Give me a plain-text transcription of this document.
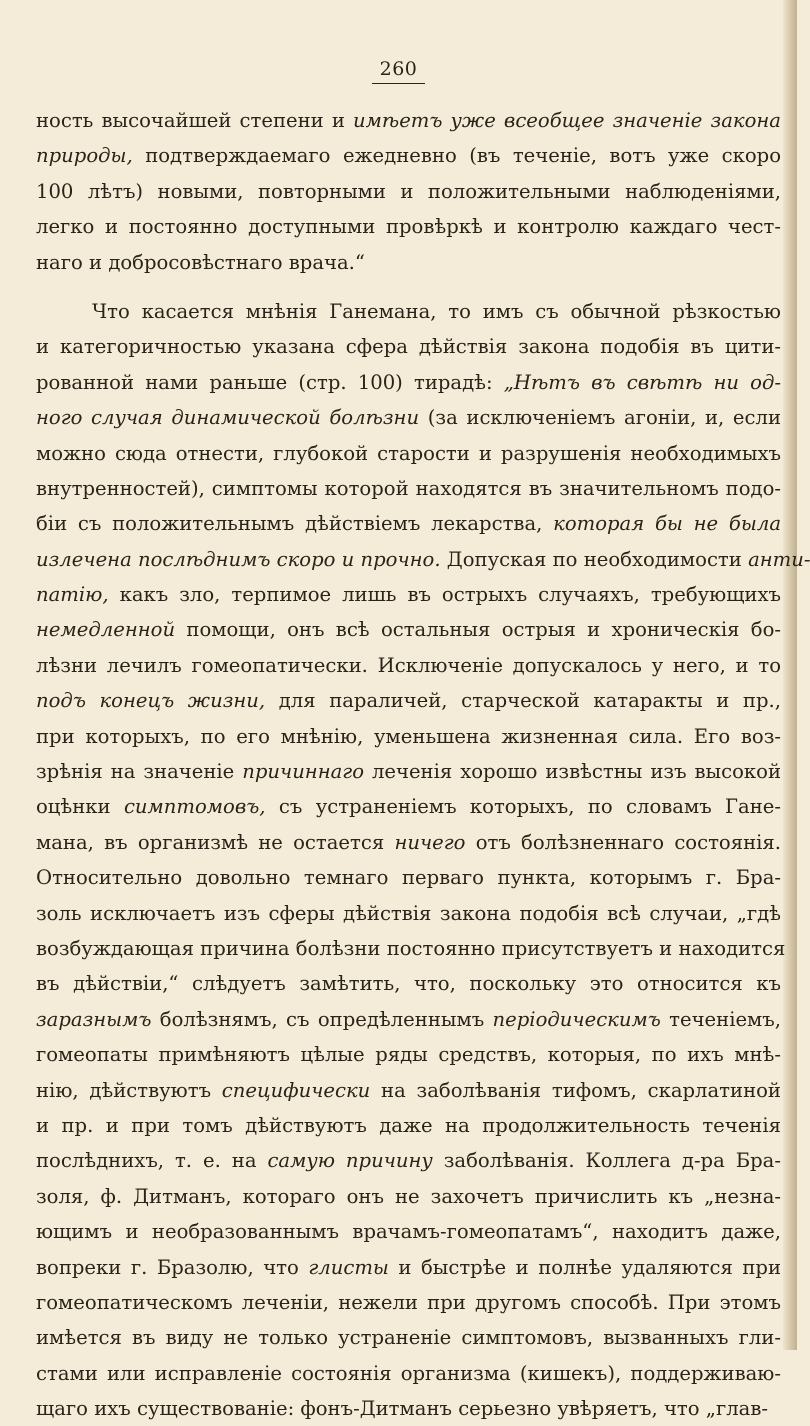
260
ность высочайшей степени и имѣетъ уже всеобщее значенie закона
природы, подтверждаемаго ежедневно (въ теченie, вотъ уже скоро
100 лѣтъ) новыми, повторными и положительными наблюденiями,
легко и постоянно доступными провѣркѣ и контролю каждаго чест-
наго и добросовѣстнаго врача.“
Что касается мнѣнiя Ганемана, то имъ съ обычной рѣзкостью
и категоричностью указана сфера дѣйствiя закона подобiя въ цити-
рованной нами раньше (стр. 100) тирадѣ: „Нѣтъ въ свѣтѣ ни од-
ного случая динамической болѣзни (за исключенiемъ агонiи, и, если
можно сюда отнести, глубокой старости и разрушенiя необходимыхъ
внутренностей), симптомы которой находятся въ значительномъ подо-
бiи съ положительнымъ дѣйствiемъ лекарства, которая бы не была
излечена послѣднимъ скоро и прочно. Допуская по необходимости анти-
патiю, какъ зло, терпимое лишь въ острыхъ случаяхъ, требующихъ
немедленной помощи, онъ всѣ остальныя острыя и хроническiя бо-
лѣзни лечилъ гомеопатически. Исключенie допускалось у него, и то
подъ конецъ жизни, для параличей, старческой катаракты и пр.,
при которыхъ, по его мнѣнiю, уменьшена жизненная сила. Его воз-
зрѣнiя на значенie причиннаго леченiя хорошо извѣстны изъ высокой
оцѣнки симптомовъ, съ устраненiемъ которыхъ, по словамъ Гане-
мана, въ организмѣ не остается ничего отъ болѣзненнаго состоянiя.
Относительно довольно темнаго перваго пункта, которымъ г. Бра-
золь исключаетъ изъ сферы дѣйствiя закона подобiя всѣ случаи, „гдѣ
возбуждающая причина болѣзни постоянно присутствуетъ и находится
въ дѣйствiи,“ слѣдуетъ замѣтить, что, поскольку это относится къ
заразнымъ болѣзнямъ, съ опредѣленнымъ перiодическимъ теченiемъ,
гомеопаты примѣняютъ цѣлые ряды средствъ, которыя, по ихъ мнѣ-
нiю, дѣйствуютъ специфически на заболѣванiя тифомъ, скарлатиной
и пр. и при томъ дѣйствуютъ даже на продолжительность теченiя
послѣднихъ, т. е. на самую причину заболѣванiя. Коллега д-ра Бра-
золя, ф. Дитманъ, котораго онъ не захочетъ причислить къ „незна-
ющимъ и необразованнымъ врачамъ-гомеопатамъ“, находитъ даже,
вопреки г. Бразолю, что глисты и быстрѣе и полнѣе удаляются при
гомеопатическомъ леченiи, нежели при другомъ способѣ. При этомъ
имѣется въ виду не только устраненie симптомовъ, вызванныхъ гли-
стами или исправленie состоянiя организма (кишекъ), поддерживаю-
щаго ихъ существованie: фонъ-Дитманъ серьезно увѣряетъ, что „глав-
